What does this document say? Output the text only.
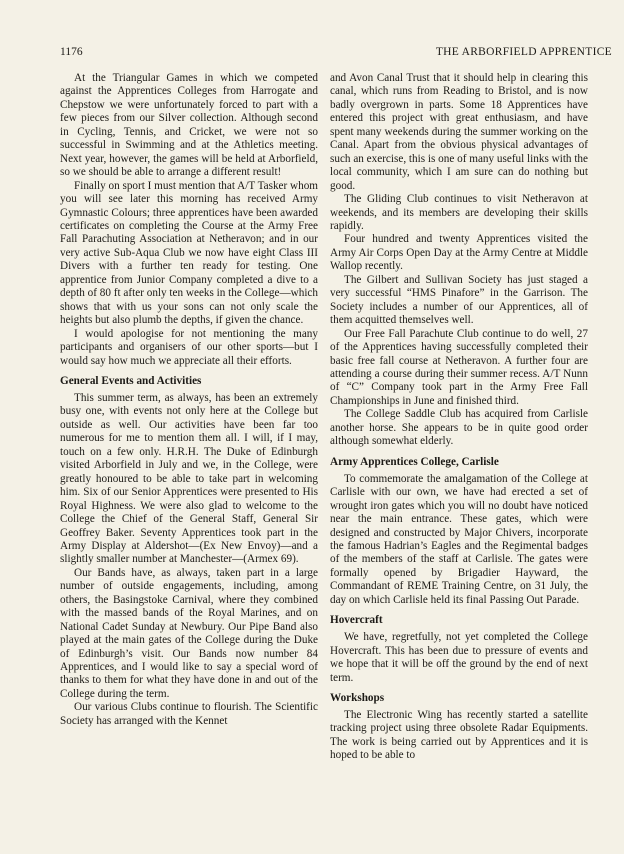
1176	THE ARBORFIELD APPRENTICE

At the Triangular Games in which we competed against the Apprentices Colleges from Harrogate and Chepstow we were unfortunately forced to part with a few pieces from our Silver collection. Although second in Cycling, Tennis, and Cricket, we were not so successful in Swimming and at the Athletics meeting. Next year, however, the games will be held at Arborfield, so we should be able to arrange a different result!

Finally on sport I must mention that A/T Tasker whom you will see later this morning has received Army Gymnastic Colours; three apprentices have been awarded certificates on completing the Course at the Army Free Fall Parachuting Association at Netheravon; and in our very active Sub-Aqua Club we now have eight Class III Divers with a further ten ready for testing. One apprentice from Junior Company completed a dive to a depth of 80 ft after only ten weeks in the College—which shows that with us your sons can not only scale the heights but also plumb the depths, if given the chance.

I would apologise for not mentioning the many participants and organisers of our other sports—but I would say how much we appreciate all their efforts.

General Events and Activities

This summer term, as always, has been an extremely busy one, with events not only here at the College but outside as well. Our activities have been far too numerous for me to mention them all. I will, if I may, touch on a few only. H.R.H. The Duke of Edinburgh visited Arborfield in July and we, in the College, were greatly honoured to be able to take part in welcoming him. Six of our Senior Apprentices were presented to His Royal Highness. We were also glad to welcome to the College the Chief of the General Staff, General Sir Geoffrey Baker. Seventy Apprentices took part in the Army Display at Aldershot—(Ex New Envoy)—and a slightly smaller number at Manchester—(Armex 69).

Our Bands have, as always, taken part in a large number of outside engagements, including, among others, the Basingstoke Carnival, where they combined with the massed bands of the Royal Marines, and on National Cadet Sunday at Newbury. Our Pipe Band also played at the main gates of the College during the Duke of Edinburgh’s visit. Our Bands now number 84 Apprentices, and I would like to say a special word of thanks to them for what they have done in and out of the College during the term.

Our various Clubs continue to flourish. The Scientific Society has arranged with the Kennet

and Avon Canal Trust that it should help in clearing this canal, which runs from Reading to Bristol, and is now badly overgrown in parts. Some 18 Apprentices have entered this project with great enthusiasm, and have spent many weekends during the summer working on the Canal. Apart from the obvious physical advantages of such an exercise, this is one of many useful links with the local community, which I am sure can do nothing but good.

The Gliding Club continues to visit Netheravon at weekends, and its members are developing their skills rapidly.

Four hundred and twenty Apprentices visited the Army Air Corps Open Day at the Army Centre at Middle Wallop recently.

The Gilbert and Sullivan Society has just staged a very successful “HMS Pinafore” in the Garrison. The Society includes a number of our Apprentices, all of them acquitted themselves well.

Our Free Fall Parachute Club continue to do well, 27 of the Apprentices having successfully completed their basic free fall course at Netheravon. A further four are attending a course during their summer recess. A/T Nunn of “C” Company took part in the Army Free Fall Championships in June and finished third.

The College Saddle Club has acquired from Carlisle another horse. She appears to be in quite good order although somewhat elderly.

Army Apprentices College, Carlisle

To commemorate the amalgamation of the College at Carlisle with our own, we have had erected a set of wrought iron gates which you will no doubt have noticed near the main entrance. These gates, which were designed and constructed by Major Chivers, incorporate the famous Hadrian’s Eagles and the Regimental badges of the members of the staff at Carlisle. The gates were formally opened by Brigadier Hayward, the Commandant of REME Training Centre, on 31 July, the day on which Carlisle held its final Passing Out Parade.

Hovercraft

We have, regretfully, not yet completed the College Hovercraft. This has been due to pressure of events and we hope that it will be off the ground by the end of next term.

Workshops

The Electronic Wing has recently started a satellite tracking project using three obsolete Radar Equipments. The work is being carried out by Apprentices and it is hoped to be able to
